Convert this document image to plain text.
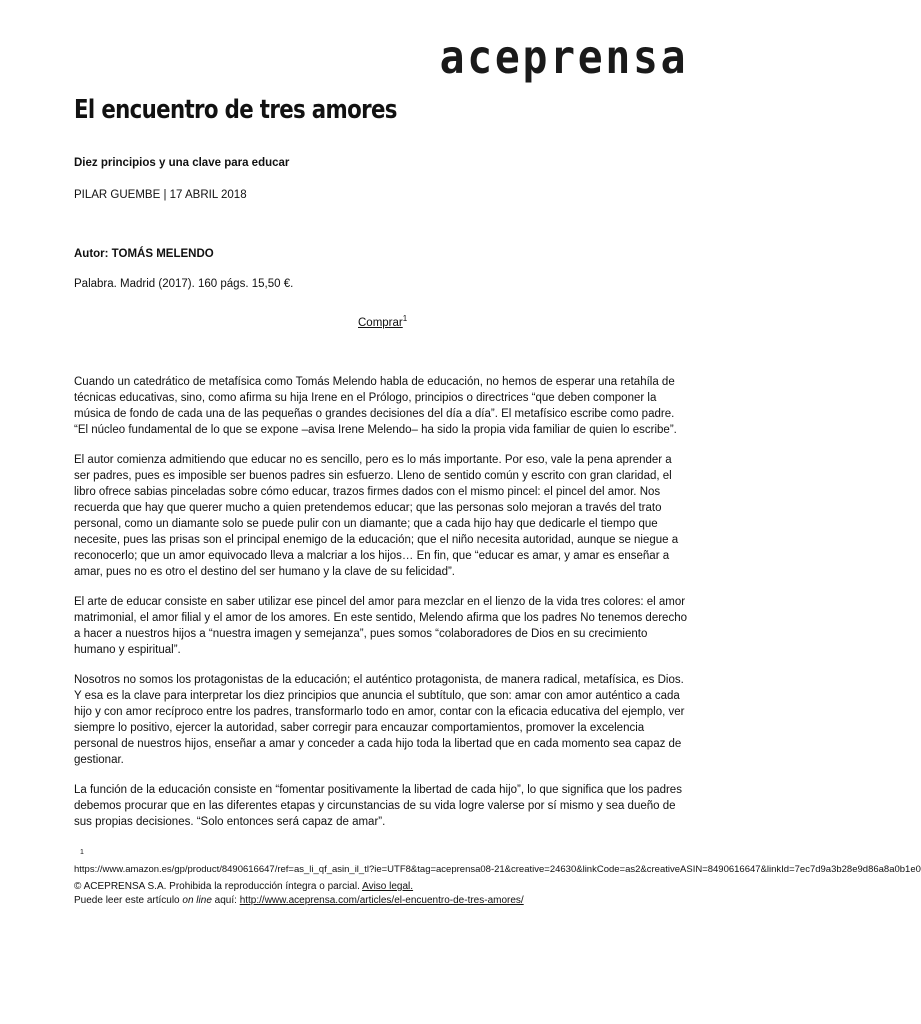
aceprensa
El encuentro de tres amores

Diez principios y una clave para educar

PILAR GUEMBE | 17 ABRIL 2018

Autor: TOMÁS MELENDO

Palabra. Madrid (2017). 160 págs. 15,50 €.

Comprar$^1$

Cuando un catedrático de metafísica como Tomás Melendo habla de educación, no hemos de esperar una retahíla de técnicas educativas, sino, como afirma su hija Irene en el Prólogo, principios o directrices “que deben componer la música de fondo de cada una de las pequeñas o grandes decisiones del día a día”. El metafísico escribe como padre. “El núcleo fundamental de lo que se expone –avisa Irene Melendo– ha sido la propia vida familiar de quien lo escribe”.

El autor comienza admitiendo que educar no es sencillo, pero es lo más importante. Por eso, vale la pena aprender a ser padres, pues es imposible ser buenos padres sin esfuerzo. Lleno de sentido común y escrito con gran claridad, el libro ofrece sabias pinceladas sobre cómo educar, trazos firmes dados con el mismo pincel: el pincel del amor. Nos recuerda que hay que querer mucho a quien pretendemos educar; que las personas solo mejoran a través del trato personal, como un diamante solo se puede pulir con un diamante; que a cada hijo hay que dedicarle el tiempo que necesite, pues las prisas son el principal enemigo de la educación; que el niño necesita autoridad, aunque se niegue a reconocerlo; que un amor equivocado lleva a malcriar a los hijos… En fin, que “educar es amar, y amar es enseñar a amar, pues no es otro el destino del ser humano y la clave de su felicidad”.

El arte de educar consiste en saber utilizar ese pincel del amor para mezclar en el lienzo de la vida tres colores: el amor matrimonial, el amor filial y el amor de los amores. En este sentido, Melendo afirma que los padres No tenemos derecho a hacer a nuestros hijos a “nuestra imagen y semejanza”, pues somos “colaboradores de Dios en su crecimiento humano y espiritual”.

Nosotros no somos los protagonistas de la educación; el auténtico protagonista, de manera radical, metafísica, es Dios. Y esa es la clave para interpretar los diez principios que anuncia el subtítulo, que son: amar con amor auténtico a cada hijo y con amor recíproco entre los padres, transformarlo todo en amor, contar con la eficacia educativa del ejemplo, ver siempre lo positivo, ejercer la autoridad, saber corregir para encauzar comportamientos, promover la excelencia personal de nuestros hijos, enseñar a amar y conceder a cada hijo toda la libertad que en cada momento sea capaz de gestionar.

La función de la educación consiste en “fomentar positivamente la libertad de cada hijo”, lo que significa que los padres debemos procurar que en las diferentes etapas y circunstancias de su vida logre valerse por sí mismo y sea dueño de sus propias decisiones. “Solo entonces será capaz de amar”.

1
https://www.amazon.es/gp/product/8490616647/ref=as_li_qf_asin_il_tl?ie=UTF8&tag=aceprensa08-21&creative=24630&linkCode=as2&creativeASIN=8490616647&linkId=7ec7d9a3b28e9d86a8a0b1e0
© ACEPRENSA S.A. Prohibida la reproducción íntegra o parcial. Aviso legal.
Puede leer este artículo on line aquí: http://www.aceprensa.com/articles/el-encuentro-de-tres-amores/
